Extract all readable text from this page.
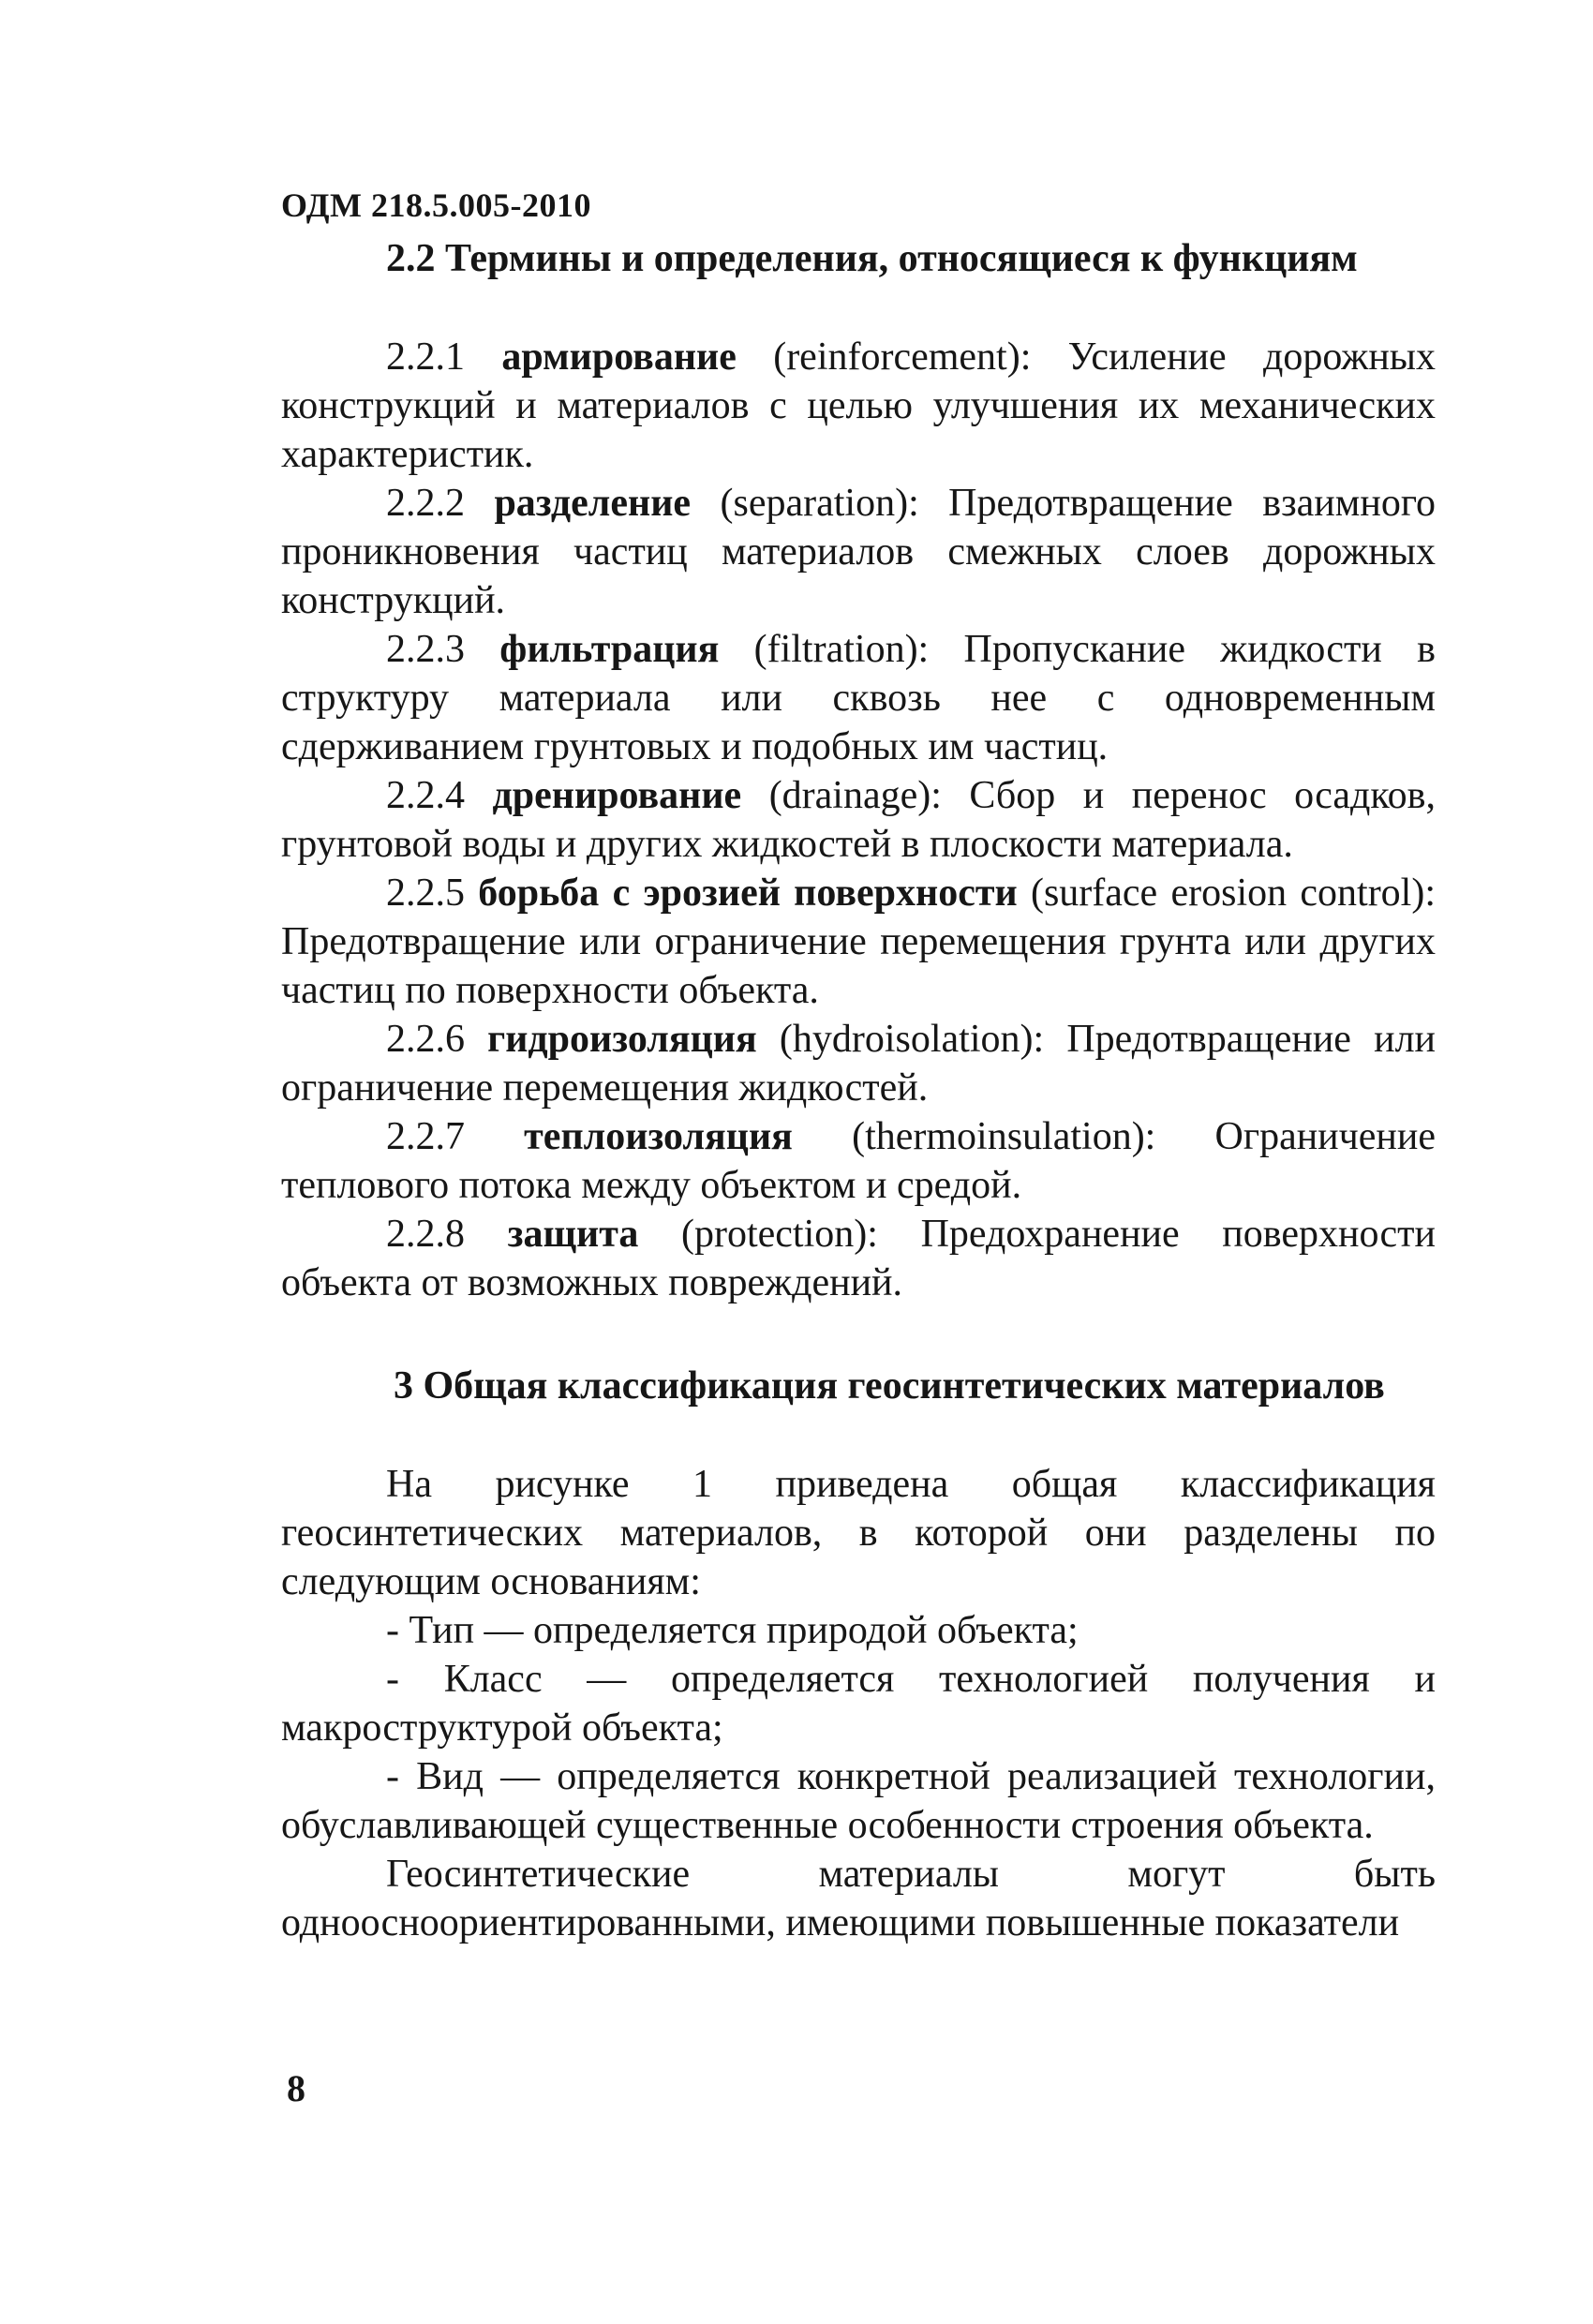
ОДМ 218.5.005-2010
2.2 Термины и определения, относящиеся к функциям

2.2.1 армирование (reinforcement): Усиление дорожных конструкций и материалов с целью улучшения их механических характеристик.

2.2.2 разделение (separation): Предотвращение взаимного проникновения частиц материалов смежных слоев дорожных конструкций.

2.2.3 фильтрация (filtration): Пропускание жидкости в структуру материала или сквозь нее с одновременным сдерживанием грунтовых и подобных им частиц.

2.2.4 дренирование (drainage): Сбор и перенос осадков, грунтовой воды и других жидкостей в плоскости материала.

2.2.5 борьба с эрозией поверхности (surface erosion control): Предотвращение или ограничение перемещения грунта или других частиц по поверхности объекта.

2.2.6 гидроизоляция (hydroisolation): Предотвращение или ограничение перемещения жидкостей.

2.2.7 теплоизоляция (thermoinsulation): Ограничение теплового потока между объектом и средой.

2.2.8 защита (protection): Предохранение поверхности объекта от возможных повреждений.

3 Общая классификация геосинтетических материалов

На рисунке 1 приведена общая классификация геосинтетических материалов, в которой они разделены по следующим основаниям:

- Тип — определяется природой объекта;

- Класс — определяется технологией получения и макроструктурой объекта;

- Вид — определяется конкретной реализацией технологии, обуславливающей существенные особенности строения объекта.

Геосинтетические материалы могут быть одноосноориентированными, имеющими повышенные показатели

8
